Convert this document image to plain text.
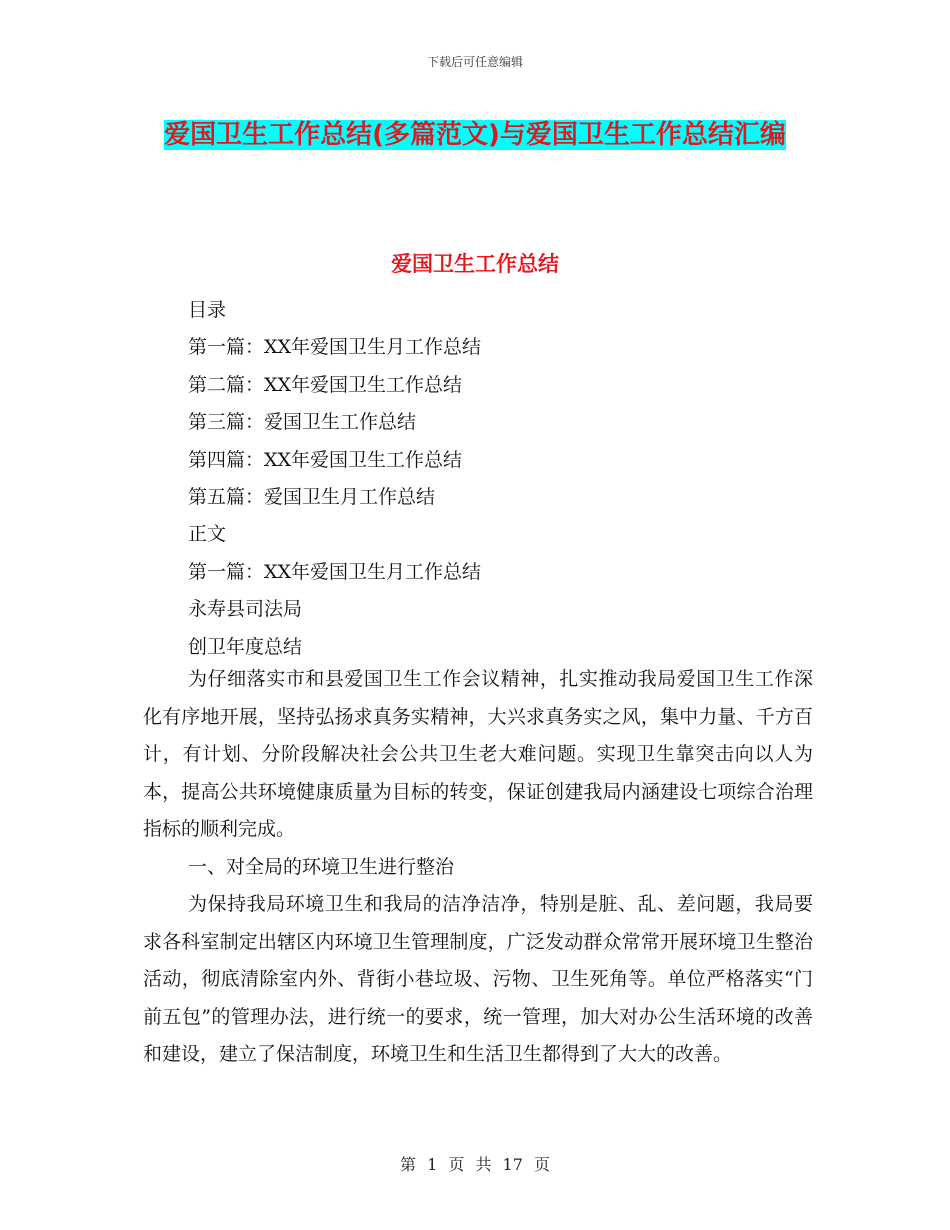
下载后可任意编辑
爱国卫生工作总结(多篇范文)与爱国卫生工作总结汇编
爱国卫生工作总结
目录
第一篇：XX年爱国卫生月工作总结
第二篇：XX年爱国卫生工作总结
第三篇：爱国卫生工作总结
第四篇：XX年爱国卫生工作总结
第五篇：爱国卫生月工作总结
正文
第一篇：XX年爱国卫生月工作总结
永寿县司法局
创卫年度总结

为仔细落实市和县爱国卫生工作会议精神，扎实推动我局爱国卫生工作深化有序地开展，坚持弘扬求真务实精神，大兴求真务实之风，集中力量、千方百计，有计划、分阶段解决社会公共卫生老大难问题。实现卫生靠突击向以人为本，提高公共环境健康质量为目标的转变，保证创建我局内涵建设七项综合治理指标的顺利完成。

一、对全局的环境卫生进行整治

为保持我局环境卫生和我局的洁净洁净，特别是脏、乱、差问题，我局要求各科室制定出辖区内环境卫生管理制度，广泛发动群众常常开展环境卫生整治活动，彻底清除室内外、背街小巷垃圾、污物、卫生死角等。单位严格落实“门前五包”的管理办法，进行统一的要求，统一管理，加大对办公生活环境的改善和建设，建立了保洁制度，环境卫生和生活卫生都得到了大大的改善。

第 1 页 共 17 页
